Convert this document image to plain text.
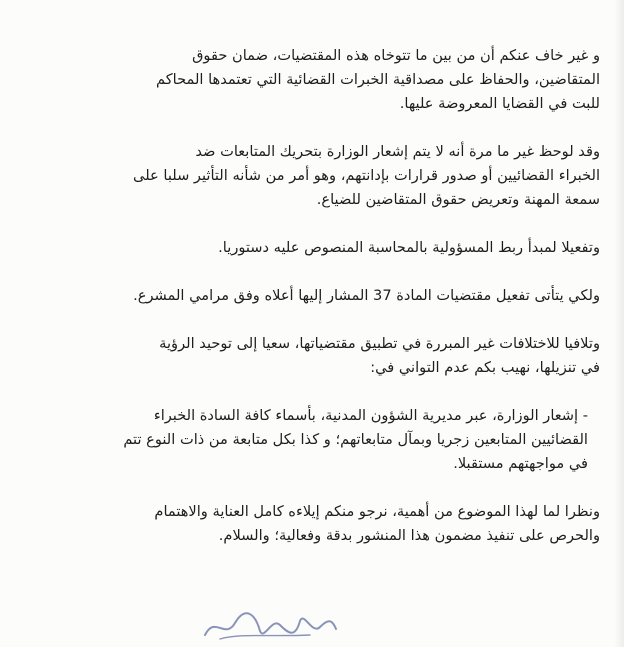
و غير خاف عنكم أن من بين ما تتوخاه هذه المقتضيات، ضمان حقوق
المتقاضين، والحفاظ على مصداقية الخبرات القضائية التي تعتمدها المحاكم
للبت في القضايا المعروضة عليها.

وقد لوحظ غير ما مرة أنه لا يتم إشعار الوزارة بتحريك المتابعات ضد
الخبراء القضائيين أو صدور قرارات بإدانتهم، وهو أمر من شأنه التأثير سلبا على
سمعة المهنة وتعريض حقوق المتقاضين للضياع.

وتفعيلا لمبدأ ربط المسؤولية بالمحاسبة المنصوص عليه دستوريا.

ولكي يتأتى تفعيل مقتضيات المادة 37 المشار إليها أعلاه وفق مرامي المشرع.

وتلافيا للاختلافات غير المبررة في تطبيق مقتضياتها، سعيا إلى توحيد الرؤية
في تنزيلها، نهيب بكم عدم التواني في:

- إشعار الوزارة، عبر مديرية الشؤون المدنية، بأسماء كافة السادة الخبراء
القضائيين المتابعين زجريا وبمآل متابعاتهم؛ و كذا بكل متابعة من ذات النوع تتم
في مواجهتهم مستقبلا.

ونظرا لما لهذا الموضوع من أهمية، نرجو منكم إيلاءه كامل العناية والاهتمام
والحرص على تنفيذ مضمون هذا المنشور بدقة وفعالية؛ والسلام.
